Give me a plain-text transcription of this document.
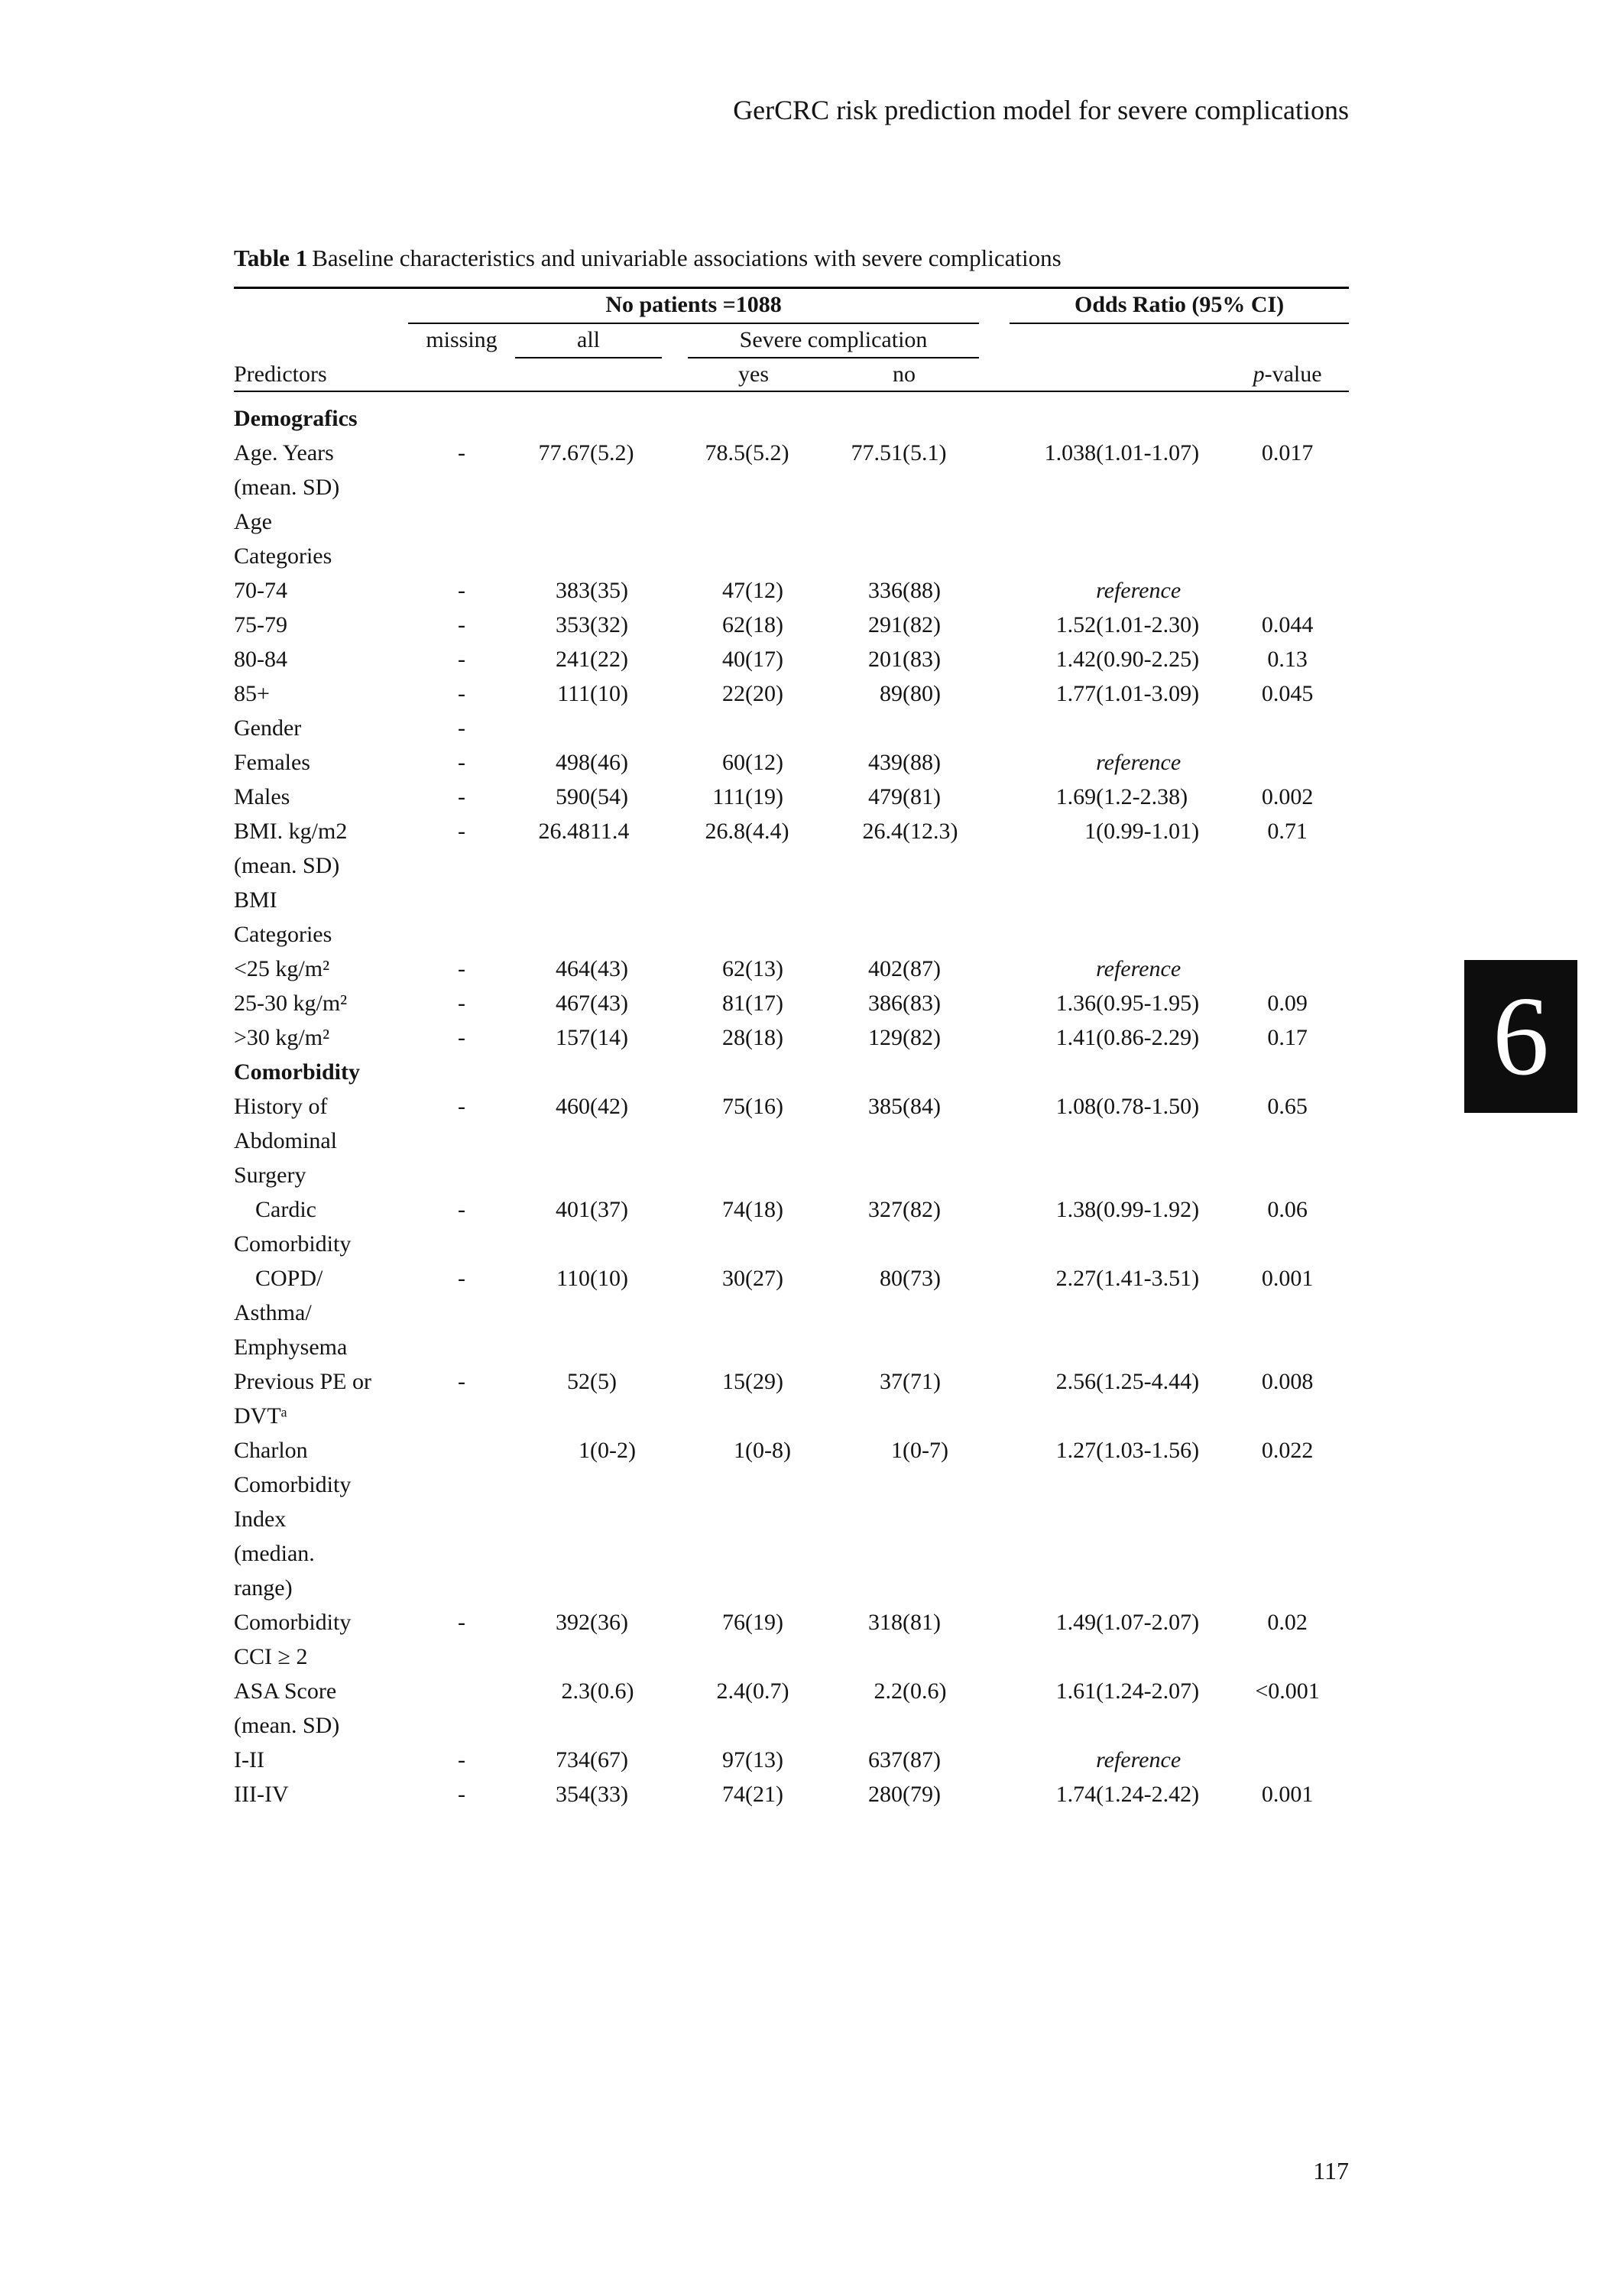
GerCRC risk prediction model for severe complications
Table 1 Baseline characteristics and univariable associations with severe complications

	No patients =1088							Odds Ratio (95% CI)		

	missing	all		Severe complication						

Predictors				yes		no				p-value

Demografics										

Age. Years
(mean. SD)	-	77.67	(5.2)	78.5	(5.2)	77.51	(5.1)	1.038	(1.01-1.07)	0.017

Age
Categories										

70-74	-	383	(35)	47	(12)	336	(88)		reference	

75-79	-	353	(32)	62	(18)	291	(82)	1.52	(1.01-2.30)	0.044

80-84	-	241	(22)	40	(17)	201	(83)	1.42	(0.90-2.25)	0.13

85+	-	111	(10)	22	(20)	89	(80)	1.77	(1.01-3.09)	0.045

Gender	-									

Females	-	498	(46)	60	(12)	439	(88)		reference	

Males	-	590	(54)	111	(19)	479	(81)	1.69	(1.2-2.38)	0.002

BMI. kg/m2
(mean. SD)	-	26.48	11.4	26.8	(4.4)	26.4	(12.3)	1	(0.99-1.01)	0.71

BMI
Categories										

<25 kg/m²	-	464	(43)	62	(13)	402	(87)		reference	

25-30 kg/m²	-	467	(43)	81	(17)	386	(83)	1.36	(0.95-1.95)	0.09

>30 kg/m²	-	157	(14)	28	(18)	129	(82)	1.41	(0.86-2.29)	0.17

Comorbidity										

History of
Abdominal
Surgery	-	460	(42)	75	(16)	385	(84)	1.08	(0.78-1.50)	0.65

Cardic
Comorbidity	-	401	(37)	74	(18)	327	(82)	1.38	(0.99-1.92)	0.06

COPD/
Asthma/
Emphysema	-	110	(10)	30	(27)	80	(73)	2.27	(1.41-3.51)	0.001

Previous PE or
DVTᵃ	-	52	(5)	15	(29)	37	(71)	2.56	(1.25-4.44)	0.008

Charlon
Comorbidity
Index
(median.
range)		1	(0-2)	1	(0-8)	1	(0-7)	1.27	(1.03-1.56)	0.022

Comorbidity
CCI ≥ 2	-	392	(36)	76	(19)	318	(81)	1.49	(1.07-2.07)	0.02

ASA Score
(mean. SD)		2.3	(0.6)	2.4	(0.7)	2.2	(0.6)	1.61	(1.24-2.07)	<0.001

I-II	-	734	(67)	97	(13)	637	(87)		reference	

III-IV	-	354	(33)	74	(21)	280	(79)	1.74	(1.24-2.42)	0.001
6
117
